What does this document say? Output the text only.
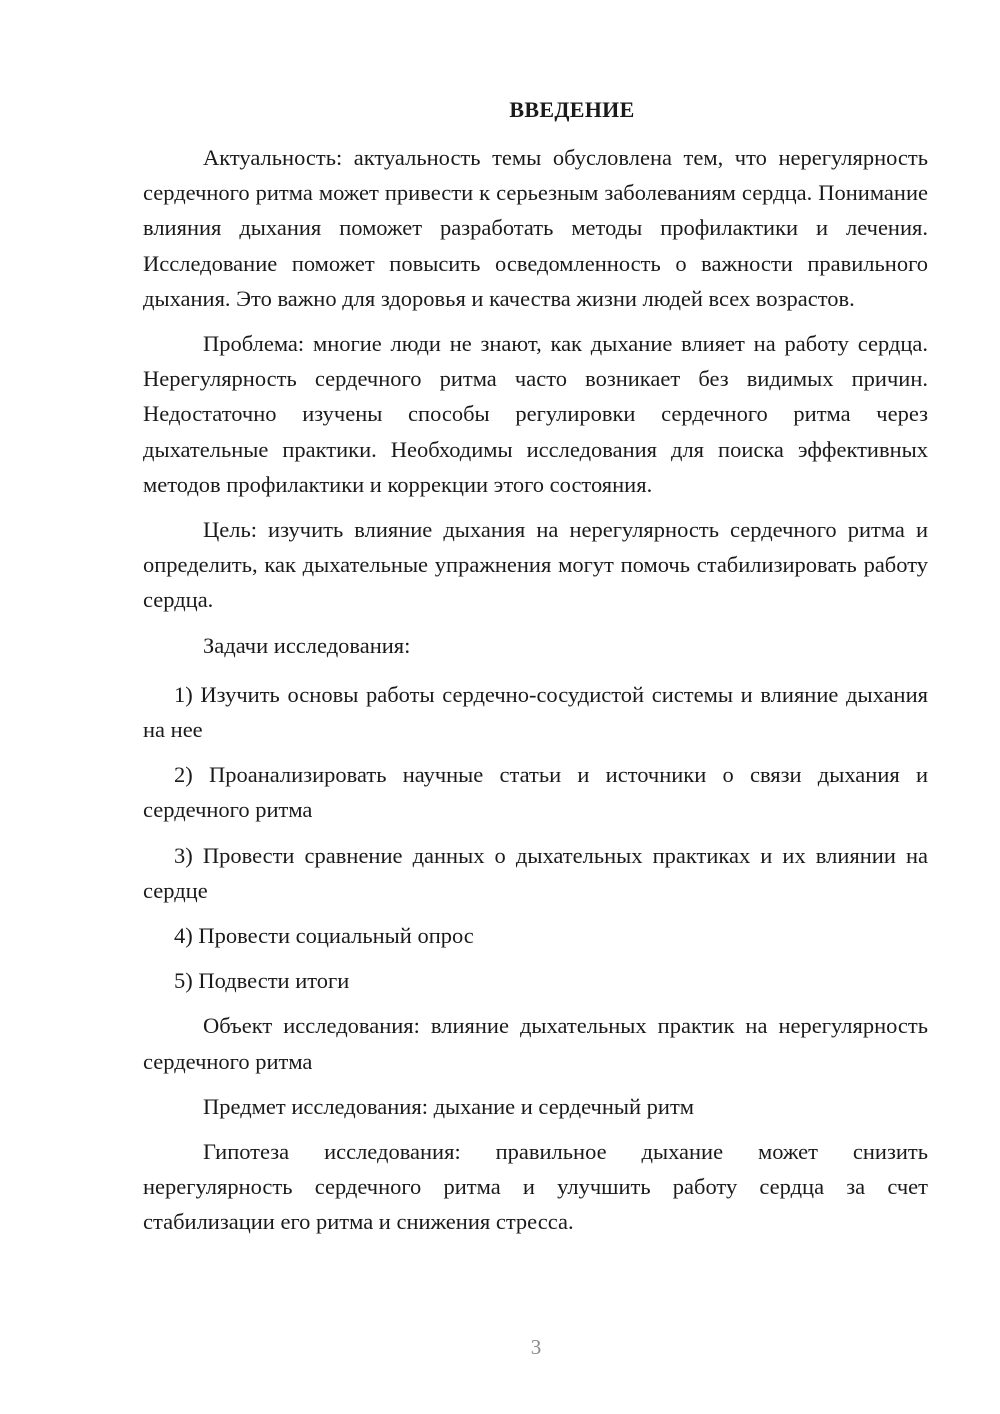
ВВЕДЕНИЕ

Актуальность: актуальность темы обусловлена тем, что нерегулярность сердечного ритма может привести к серьезным заболеваниям сердца. Понимание влияния дыхания поможет разработать методы профилактики и лечения. Исследование поможет повысить осведомленность о важности правильного дыхания. Это важно для здоровья и качества жизни людей всех возрастов.

Проблема: многие люди не знают, как дыхание влияет на работу сердца. Нерегулярность сердечного ритма часто возникает без видимых причин. Недостаточно изучены способы регулировки сердечного ритма через дыхательные практики. Необходимы исследования для поиска эффективных методов профилактики и коррекции этого состояния.

Цель: изучить влияние дыхания на нерегулярность сердечного ритма и определить, как дыхательные упражнения могут помочь стабилизировать работу сердца.

Задачи исследования:

1) Изучить основы работы сердечно-сосудистой системы и влияние дыхания на нее

2) Проанализировать научные статьи и источники о связи дыхания и сердечного ритма

3) Провести сравнение данных о дыхательных практиках и их влиянии на сердце

4) Провести социальный опрос

5) Подвести итоги

Объект исследования: влияние дыхательных практик на нерегулярность сердечного ритма

Предмет исследования: дыхание и сердечный ритм

Гипотеза исследования: правильное дыхание может снизить нерегулярность сердечного ритма и улучшить работу сердца за счет стабилизации его ритма и снижения стресса.

3
